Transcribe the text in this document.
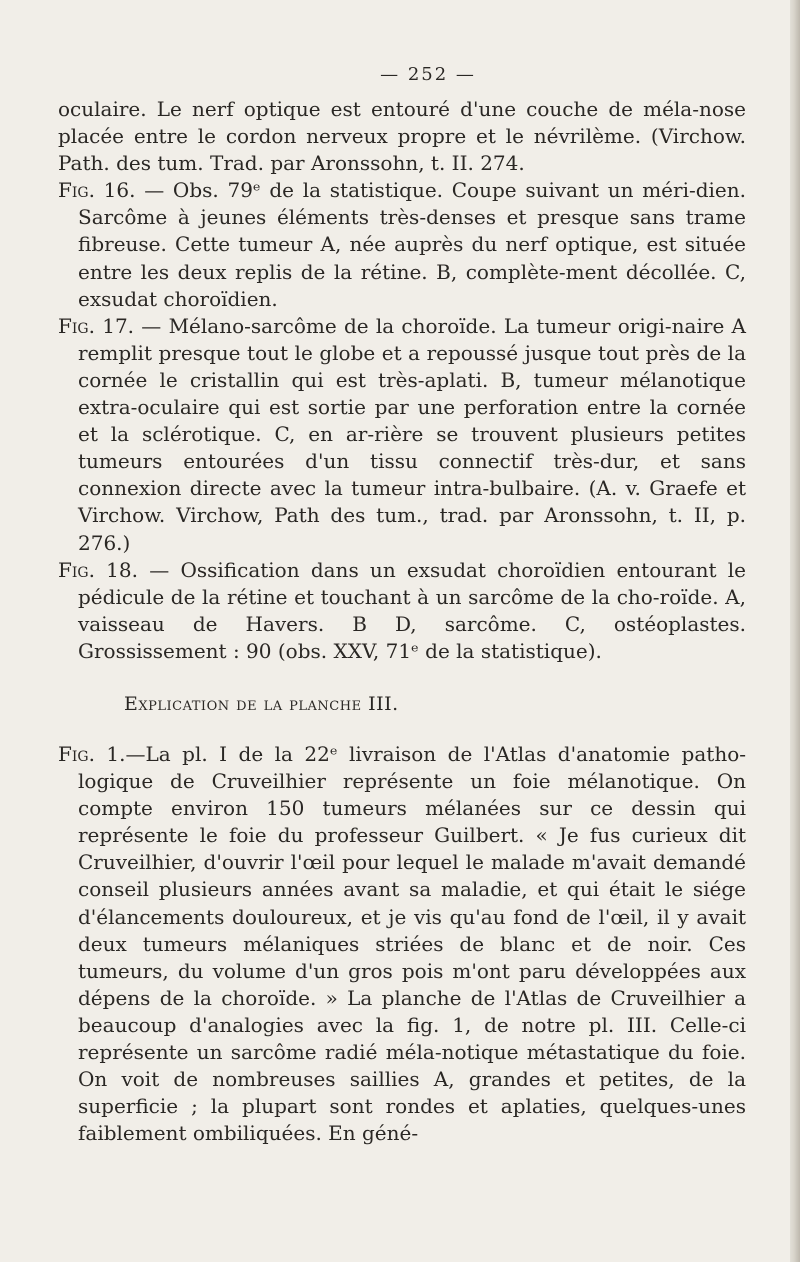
— 252 —

oculaire. Le nerf optique est entouré d'une couche de méla-nose placée entre le cordon nerveux propre et le névrilème. (Virchow. Path. des tum. Trad. par Aronssohn, t. II. 274.

Fig. 16. — Obs. 79ᵉ de la statistique. Coupe suivant un méri-dien. Sarcôme à jeunes éléments très-denses et presque sans trame fibreuse. Cette tumeur A, née auprès du nerf optique, est située entre les deux replis de la rétine. B, complète-ment décollée. C, exsudat choroïdien.

Fig. 17. — Mélano-sarcôme de la choroïde. La tumeur origi-naire A remplit presque tout le globe et a repoussé jusque tout près de la cornée le cristallin qui est très-aplati. B, tumeur mélanotique extra-oculaire qui est sortie par une perforation entre la cornée et la sclérotique. C, en ar-rière se trouvent plusieurs petites tumeurs entourées d'un tissu connectif très-dur, et sans connexion directe avec la tumeur intra-bulbaire. (A. v. Graefe et Virchow. Virchow, Path des tum., trad. par Aronssohn, t. II, p. 276.)

Fig. 18. — Ossification dans un exsudat choroïdien entourant le pédicule de la rétine et touchant à un sarcôme de la cho-roïde. A, vaisseau de Havers. B D, sarcôme. C, ostéoplastes. Grossissement : 90 (obs. XXV, 71ᵉ de la statistique).

Explication de la planche III.

Fig. 1.—La pl. I de la 22ᵉ livraison de l'Atlas d'anatomie patho-logique de Cruveilhier représente un foie mélanotique. On compte environ 150 tumeurs mélanées sur ce dessin qui représente le foie du professeur Guilbert. « Je fus curieux dit Cruveilhier, d'ouvrir l'œil pour lequel le malade m'avait demandé conseil plusieurs années avant sa maladie, et qui était le siége d'élancements douloureux, et je vis qu'au fond de l'œil, il y avait deux tumeurs mélaniques striées de blanc et de noir. Ces tumeurs, du volume d'un gros pois m'ont paru développées aux dépens de la choroïde. » La planche de l'Atlas de Cruveilhier a beaucoup d'analogies avec la fig. 1, de notre pl. III. Celle-ci représente un sarcôme radié méla-notique métastatique du foie. On voit de nombreuses saillies A, grandes et petites, de la superficie ; la plupart sont rondes et aplaties, quelques-unes faiblement ombiliquées. En géné-
